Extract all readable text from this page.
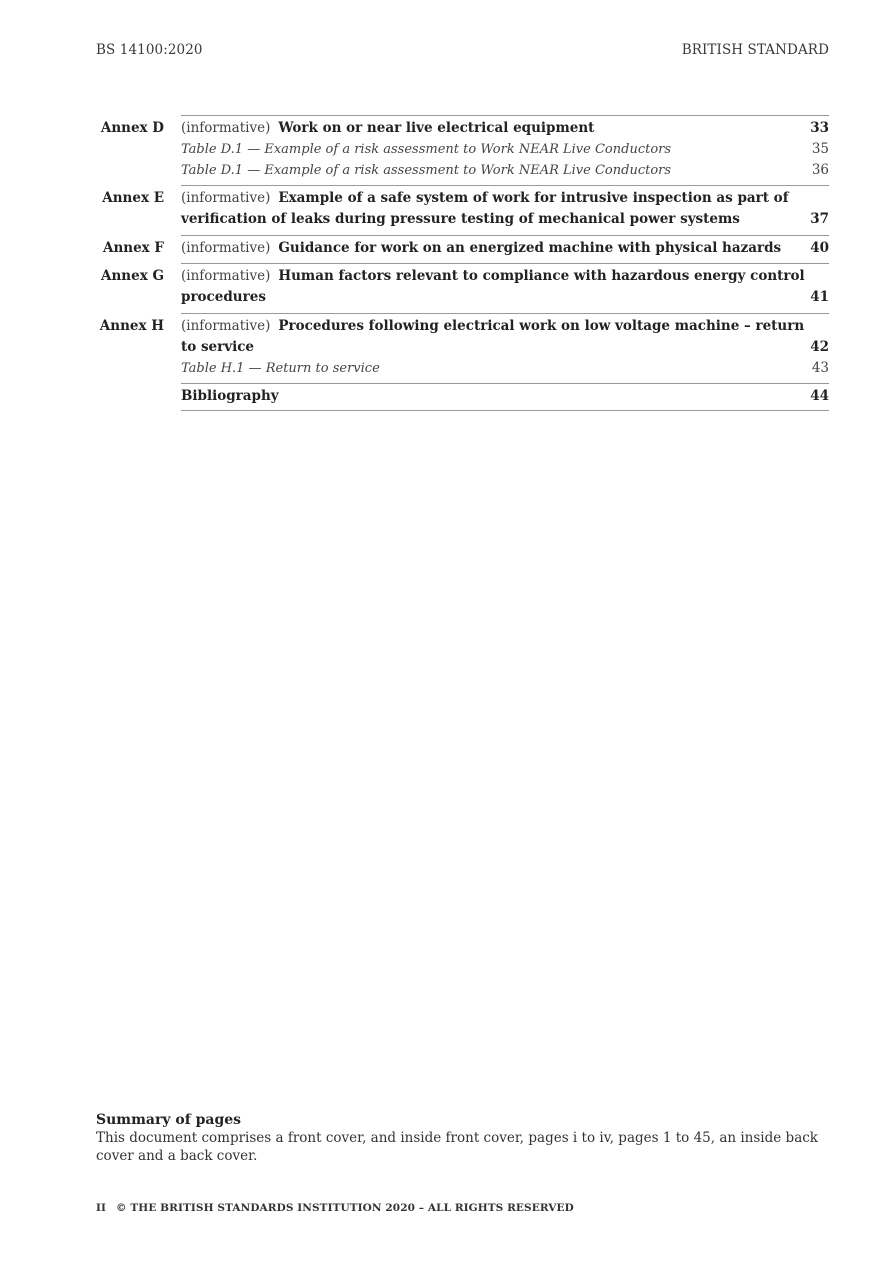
BS 14100:2020	BRITISH STANDARD
Annex D (informative) Work on or near live electrical equipment	33
Table D.1 — Example of a risk assessment to Work NEAR Live Conductors	35
Table D.1 — Example of a risk assessment to Work NEAR Live Conductors	36
Annex E (informative) Example of a safe system of work for intrusive inspection as part of
verification of leaks during pressure testing of mechanical power systems	37
Annex F (informative) Guidance for work on an energized machine with physical hazards	40
Annex G (informative) Human factors relevant to compliance with hazardous energy control
procedures	41
Annex H (informative) Procedures following electrical work on low voltage machine – return
to service	42
Table H.1 — Return to service	43
Bibliography	44
Summary of pages
This document comprises a front cover, and inside front cover, pages i to iv, pages 1 to 45, an inside back cover and a back cover.
II © THE BRITISH STANDARDS INSTITUTION 2020 – ALL RIGHTS RESERVED
